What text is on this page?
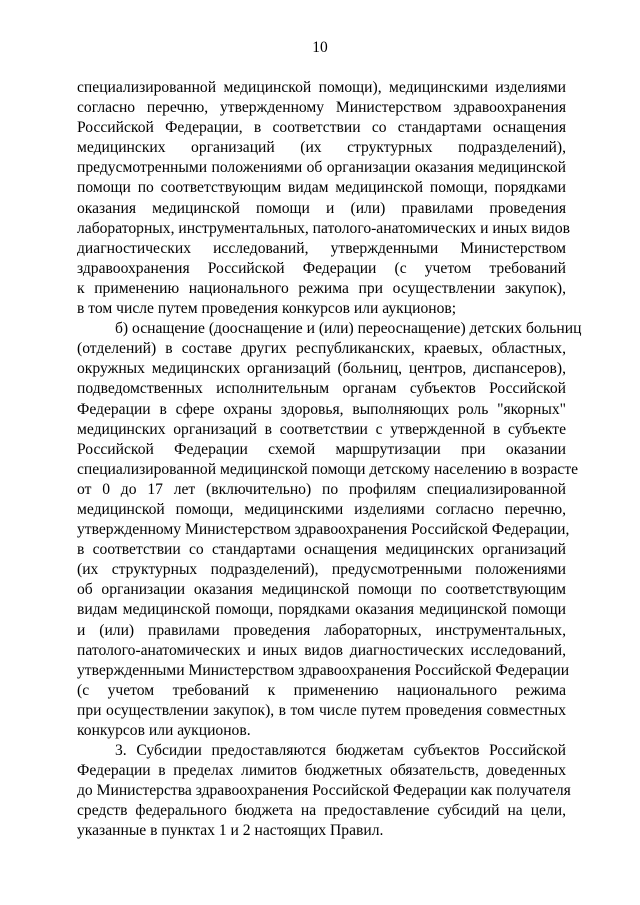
10
специализированной медицинской помощи), медицинскими изделиями
согласно перечню, утвержденному Министерством здравоохранения
Российской Федерации, в соответствии со стандартами оснащения
медицинских организаций (их структурных подразделений),
предусмотренными положениями об организации оказания медицинской
помощи по соответствующим видам медицинской помощи, порядками
оказания медицинской помощи и (или) правилами проведения
лабораторных, инструментальных, патолого-анатомических и иных видов
диагностических исследований, утвержденными Министерством
здравоохранения Российской Федерации (с учетом требований
к применению национального режима при осуществлении закупок),
в том числе путем проведения конкурсов или аукционов;
б) оснащение (дооснащение и (или) переоснащение) детских больниц
(отделений) в составе других республиканских, краевых, областных,
окружных медицинских организаций (больниц, центров, диспансеров),
подведомственных исполнительным органам субъектов Российской
Федерации в сфере охраны здоровья, выполняющих роль "якорных"
медицинских организаций в соответствии с утвержденной в субъекте
Российской Федерации схемой маршрутизации при оказании
специализированной медицинской помощи детскому населению в возрасте
от 0 до 17 лет (включительно) по профилям специализированной
медицинской помощи, медицинскими изделиями согласно перечню,
утвержденному Министерством здравоохранения Российской Федерации,
в соответствии со стандартами оснащения медицинских организаций
(их структурных подразделений), предусмотренными положениями
об организации оказания медицинской помощи по соответствующим
видам медицинской помощи, порядками оказания медицинской помощи
и (или) правилами проведения лабораторных, инструментальных,
патолого-анатомических и иных видов диагностических исследований,
утвержденными Министерством здравоохранения Российской Федерации
(с учетом требований к применению национального режима
при осуществлении закупок), в том числе путем проведения совместных
конкурсов или аукционов.
3. Субсидии предоставляются бюджетам субъектов Российской
Федерации в пределах лимитов бюджетных обязательств, доведенных
до Министерства здравоохранения Российской Федерации как получателя
средств федерального бюджета на предоставление субсидий на цели,
указанные в пунктах 1 и 2 настоящих Правил.
